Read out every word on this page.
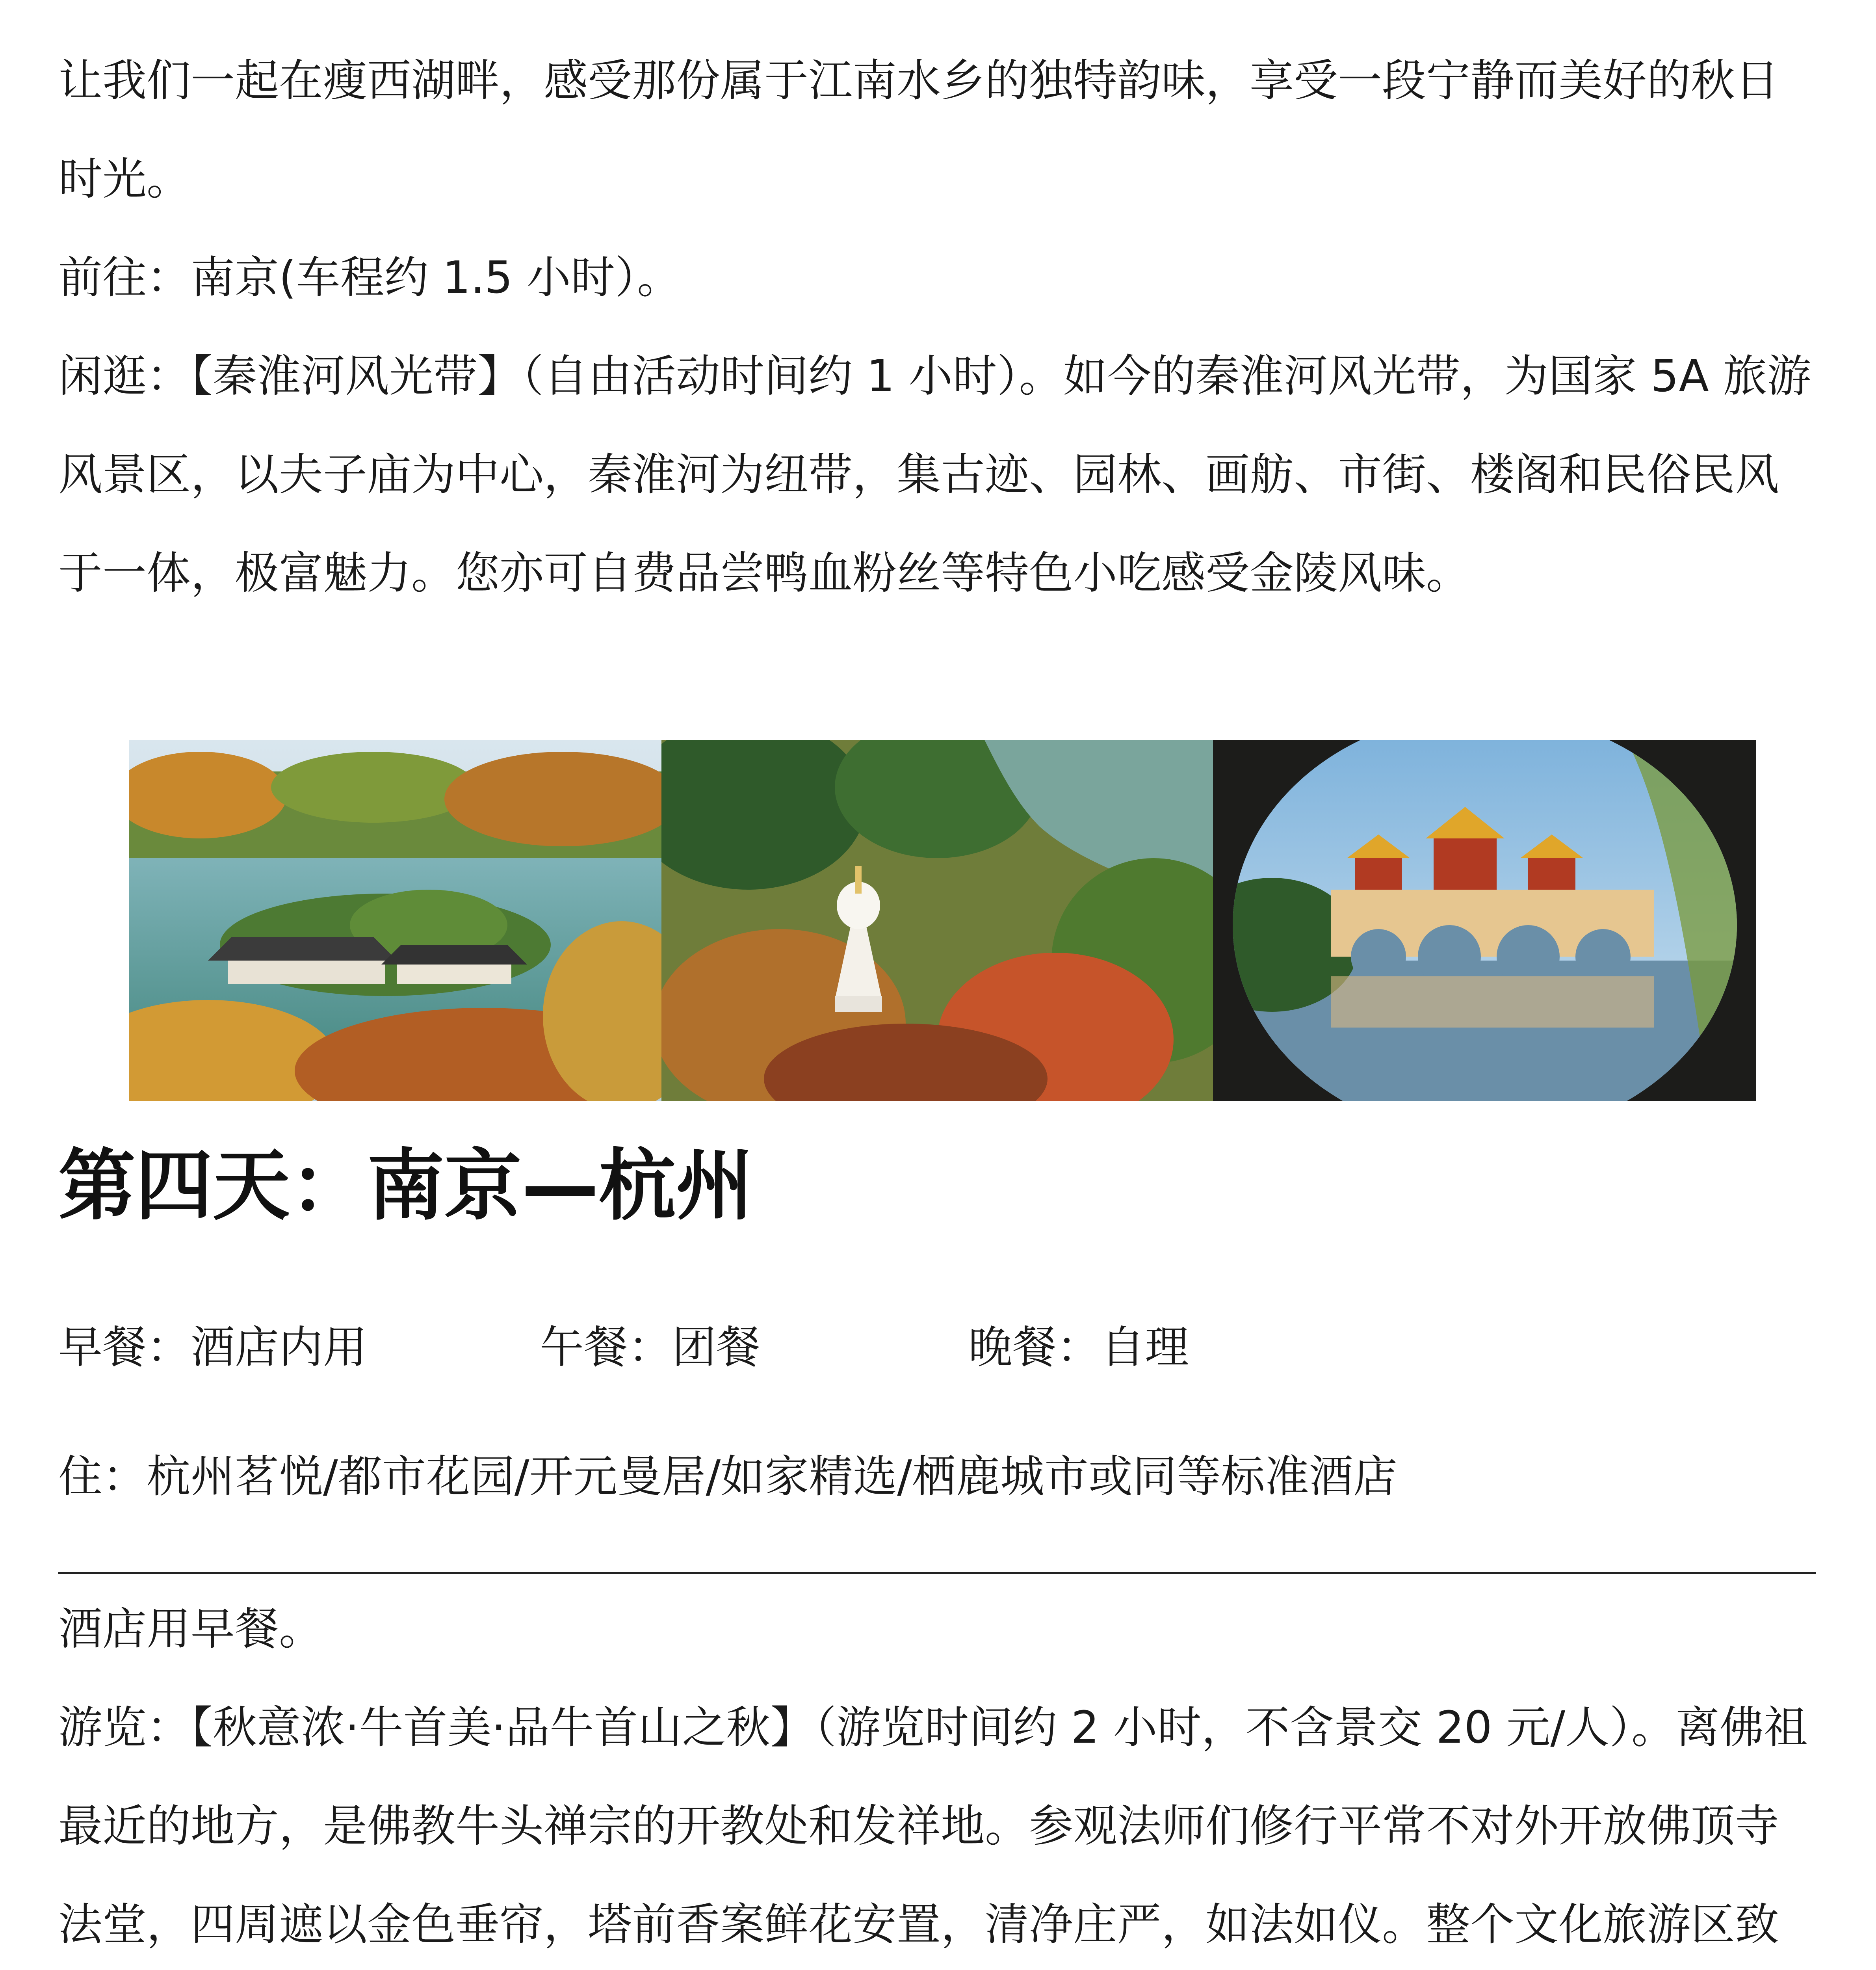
让我们一起在瘦西湖畔，感受那份属于江南水乡的独特韵味，享受一段宁静而美好的秋日时光。

前往：南京(车程约 1.5 小时）。

闲逛：【秦淮河风光带】（自由活动时间约 1 小时）。如今的秦淮河风光带，为国家 5A 旅游风景区，以夫子庙为中心，秦淮河为纽带，集古迹、园林、画舫、市街、楼阁和民俗民风于一体，极富魅力。您亦可自费品尝鸭血粉丝等特色小吃感受金陵风味。

第四天：南京—杭州
早餐：酒店内用	午餐：团餐	晚餐：自理
住：杭州茗悦/都市花园/开元曼居/如家精选/栖鹿城市或同等标准酒店

酒店用早餐。

游览：【秋意浓·牛首美·品牛首山之秋】（游览时间约 2 小时，不含景交 20 元/人）。离佛祖最近的地方，是佛教牛头禅宗的开教处和发祥地。参观法师们修行平常不对外开放佛顶寺法堂，四周遮以金色垂帘，塔前香案鲜花安置，清净庄严，如法如仪。整个文化旅游区致
